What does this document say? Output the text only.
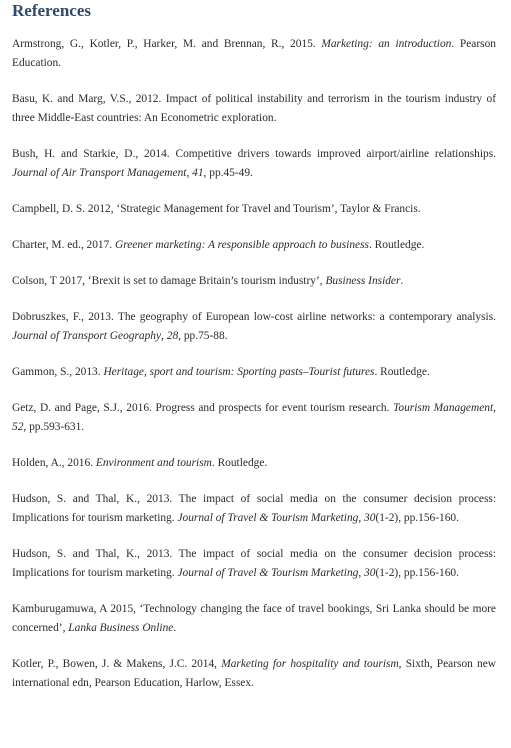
References

Armstrong, G., Kotler, P., Harker, M. and Brennan, R., 2015. Marketing: an introduction. Pearson Education.

Basu, K. and Marg, V.S., 2012. Impact of political instability and terrorism in the tourism industry of three Middle-East countries: An Econometric exploration.

Bush, H. and Starkie, D., 2014. Competitive drivers towards improved airport/airline relationships. Journal of Air Transport Management, 41, pp.45-49.

Campbell, D. S. 2012, ‘Strategic Management for Travel and Tourism’, Taylor & Francis.

Charter, M. ed., 2017. Greener marketing: A responsible approach to business. Routledge.

Colson, T 2017, ‘Brexit is set to damage Britain’s tourism industry’, Business Insider.

Dobruszkes, F., 2013. The geography of European low-cost airline networks: a contemporary analysis. Journal of Transport Geography, 28, pp.75-88.

Gammon, S., 2013. Heritage, sport and tourism: Sporting pasts–Tourist futures. Routledge.

Getz, D. and Page, S.J., 2016. Progress and prospects for event tourism research. Tourism Management, 52, pp.593-631.

Holden, A., 2016. Environment and tourism. Routledge.

Hudson, S. and Thal, K., 2013. The impact of social media on the consumer decision process: Implications for tourism marketing. Journal of Travel & Tourism Marketing, 30(1-2), pp.156-160.

Hudson, S. and Thal, K., 2013. The impact of social media on the consumer decision process: Implications for tourism marketing. Journal of Travel & Tourism Marketing, 30(1-2), pp.156-160.

Kamburugamuwa, A 2015, ‘Technology changing the face of travel bookings, Sri Lanka should be more concerned’, Lanka Business Online.

Kotler, P., Bowen, J. & Makens, J.C. 2014, Marketing for hospitality and tourism, Sixth, Pearson new international edn, Pearson Education, Harlow, Essex.
